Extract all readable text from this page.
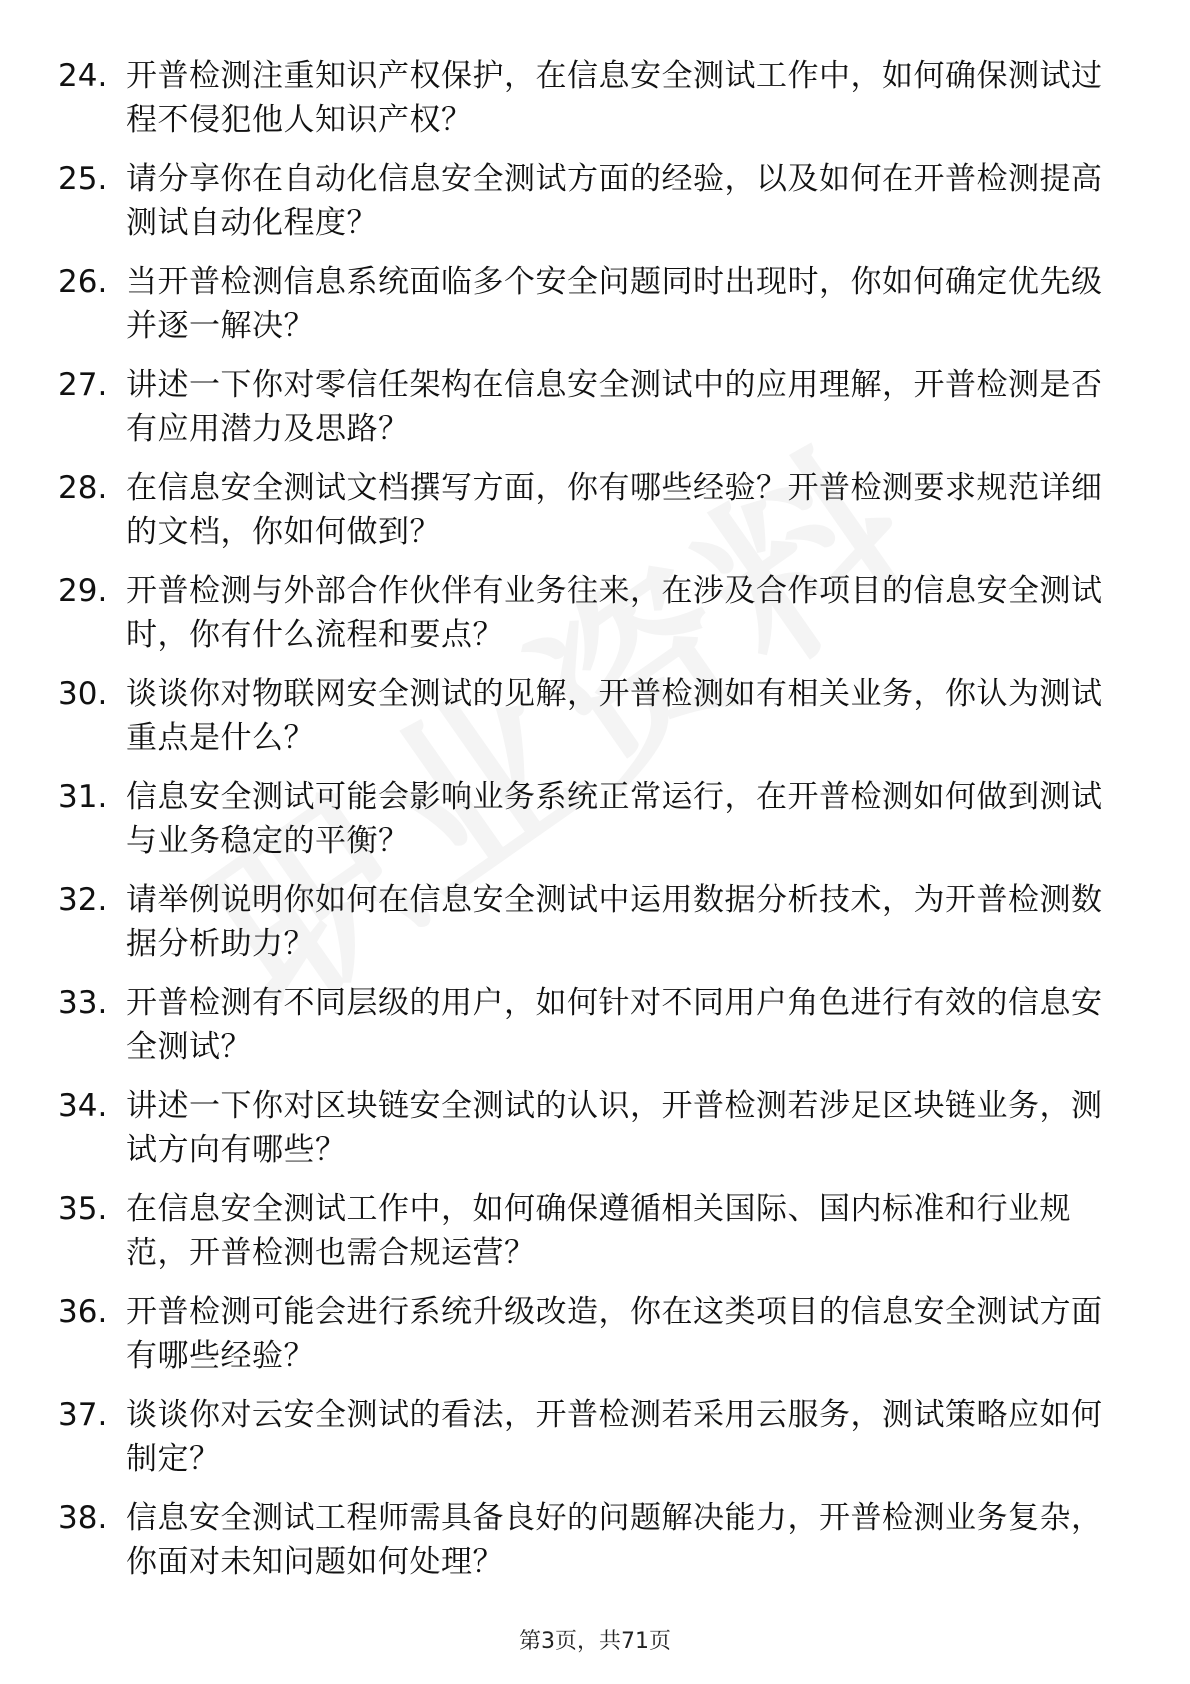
24. 开普检测注重知识产权保护，在信息安全测试工作中，如何确保测试过程不侵犯他人知识产权？
25. 请分享你在自动化信息安全测试方面的经验，以及如何在开普检测提高测试自动化程度？
26. 当开普检测信息系统面临多个安全问题同时出现时，你如何确定优先级并逐一解决？
27. 讲述一下你对零信任架构在信息安全测试中的应用理解，开普检测是否有应用潜力及思路？
28. 在信息安全测试文档撰写方面，你有哪些经验？开普检测要求规范详细的文档，你如何做到？
29. 开普检测与外部合作伙伴有业务往来，在涉及合作项目的信息安全测试时，你有什么流程和要点？
30. 谈谈你对物联网安全测试的见解，开普检测如有相关业务，你认为测试重点是什么？
31. 信息安全测试可能会影响业务系统正常运行，在开普检测如何做到测试与业务稳定的平衡？
32. 请举例说明你如何在信息安全测试中运用数据分析技术，为开普检测数据分析助力？
33. 开普检测有不同层级的用户，如何针对不同用户角色进行有效的信息安全测试？
34. 讲述一下你对区块链安全测试的认识，开普检测若涉足区块链业务，测试方向有哪些？
35. 在信息安全测试工作中，如何确保遵循相关国际、国内标准和行业规范，开普检测也需合规运营？
36. 开普检测可能会进行系统升级改造，你在这类项目的信息安全测试方面有哪些经验？
37. 谈谈你对云安全测试的看法，开普检测若采用云服务，测试策略应如何制定？
38. 信息安全测试工程师需具备良好的问题解决能力，开普检测业务复杂，你面对未知问题如何处理？
第3页，共71页
